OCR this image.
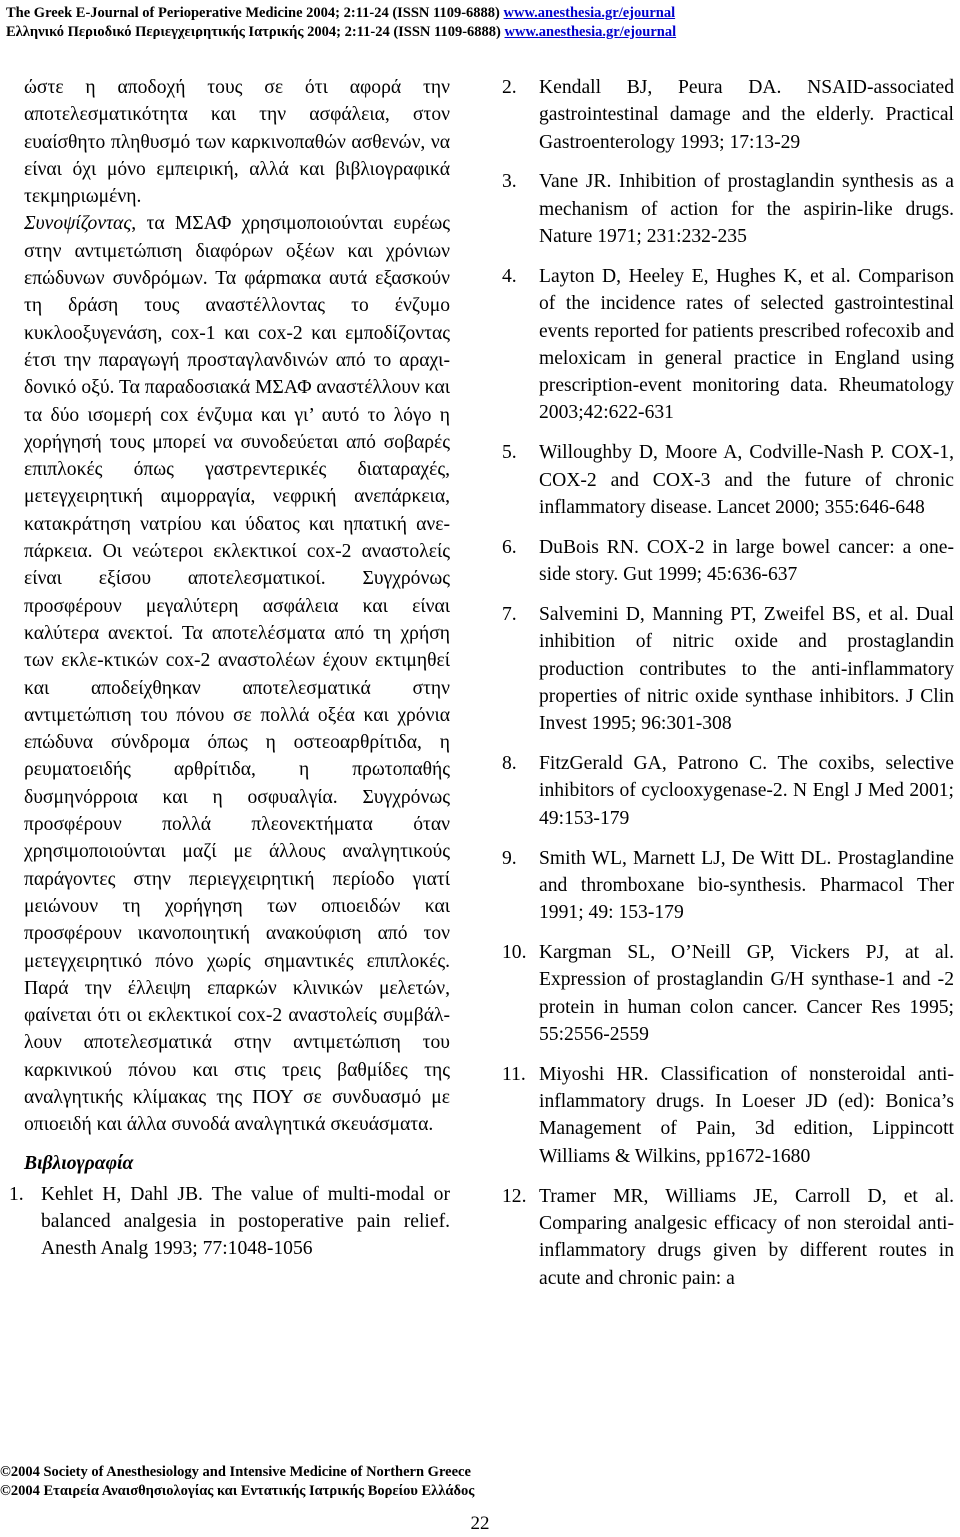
The Greek E-Journal of Perioperative Medicine 2004; 2:11-24 (ISSN 1109-6888) www.anesthesia.gr/ejournal
Ελληνικό Περιοδικό Περιεγχειρητικής Ιατρικής 2004; 2:11-24 (ISSN 1109-6888) www.anesthesia.gr/ejournal

ώστε η αποδοχή τους σε ότι αφορά την αποτελεσματικότητα και την ασφάλεια, στον ευαίσθητο πληθυσμό των καρκινοπαθών ασθενών, να είναι όχι μόνο εμπειρική, αλλά και βιβλιογραφικά τεκμηριωμένη.

Συνοψίζοντας, τα ΜΣΑΦ χρησιμοποιούνται ευρέως στην αντιμετώπιση διαφόρων οξέων και χρόνιων επώδυνων συνδρόμων. Τα φάρmακα αυτά εξασκούν τη δράση τους αναστέλλοντας το ένζυμο κυκλοοξυγενάση, cox-1 και cox-2 και εμποδίζοντας έτσι την παραγωγή προσταγλανδινών από το αραχιδονικό οξύ. Τα παραδοσιακά ΜΣΑΦ αναστέλλουν και τα δύο ισομερή cox ένζυμα και γι’ αυτό το λόγο η χορήγησή τους μπορεί να συνοδεύεται από σοβαρές επιπλοκές όπως γαστρεντερικές διαταραχές, μετεγχειρητική αιμορραγία, νεφρική ανεπάρκεια, κατακράτηση νατρίου και ύδατος και ηπατική ανεπάρκεια. Οι νεώτεροι εκλεκτικοί cox-2 αναστολείς είναι εξίσου αποτελεσματικοί. Συγχρόνως προσφέρουν μεγαλύτερη ασφάλεια και είναι καλύτερα ανεκτοί. Τα αποτελέσματα από τη χρήση των εκλε-κτικών cox-2 αναστολέων έχουν εκτιμηθεί και αποδείχθηκαν αποτελεσματικά στην αντιμετώπιση του πόνου σε πολλά οξέα και χρόνια επώδυνα σύνδρομα όπως η οστεοαρθρίτιδα, η ρευματοειδής αρθρίτιδα, η πρωτοπαθής δυσμηνόρροια και η οσφυαλγία. Συγχρόνως προσφέρουν πολλά πλεονεκτήματα όταν χρησιμοποιούνται μαζί με άλλους αναλγητικούς παράγοντες στην περιεγχειρητική περίοδο γιατί μειώνουν τη χορήγηση των οπιοειδών και προσφέρουν ικανοποιητική ανακούφιση από τον μετεγχειρητικό πόνο χωρίς σημαντικές επιπλοκές. Παρά την έλλειψη επαρκών κλινικών μελετών, φαίνεται ότι οι εκλεκτικοί cox-2 αναστολείς συμβάλλουν αποτελεσματικά στην αντιμετώπιση του καρκινικού πόνου και στις τρεις βαθμίδες της αναλγητικής κλίμακας της ΠΟΥ σε συνδυασμό με οπιοειδή και άλλα συνοδά αναλγητικά σκευάσματα.

Βιβλιογραφία

1. Kehlet H, Dahl JB. The value of multi-modal or balanced analgesia in postoperative pain relief. Anesth Analg 1993; 77:1048-1056
2.	Kendall BJ, Peura DA. NSAID-associated gastrointestinal damage and the elderly. Practical Gastroenterology 1993; 17:13-29
3.	Vane JR. Inhibition of prostaglandin synthesis as a mechanism of action for the aspirin-like drugs. Nature 1971; 231:232-235
4.	Layton D, Heeley E, Hughes K, et al. Comparison of the incidence rates of selected gastrointestinal events reported for patients prescribed rofecoxib and meloxicam in general practice in England using prescription-event monitoring data. Rheumatology 2003;42:622-631
5.	Willoughby D, Moore A, Codville-Nash P. COX-1, COX-2 and COX-3 and the future of chronic inflammatory disease. Lancet 2000; 355:646-648
6.	DuBois RN. COX-2 in large bowel cancer: a one-side story. Gut 1999; 45:636-637
7.	Salvemini D, Manning PT, Zweifel BS, et al. Dual inhibition of nitric oxide and prostaglandin production contributes to the anti-inflammatory properties of nitric oxide synthase inhibitors. J Clin Invest 1995; 96:301-308
8.	FitzGerald GA, Patrono C. The coxibs, selective inhibitors of cyclooxygenase-2. N Engl J Med 2001; 49:153-179
9.	Smith WL, Marnett LJ, De Witt DL. Prostaglandine and thromboxane bio-synthesis. Pharmacol Ther 1991; 49: 153-179
10. Kargman SL, O’Neill GP, Vickers PJ, at al. Expression of prostaglandin G/H synthase-1 and -2 protein in human colon cancer. Cancer Res 1995; 55:2556-2559
11. Miyoshi HR. Classification of nonsteroidal anti-inflammatory drugs. In Loeser JD (ed): Bonica’s Management of Pain, 3d edition, Lippincott Williams & Wilkins, pp1672-1680
12. Tramer MR, Williams JE, Carroll D, et al. Comparing analgesic efficacy of non steroidal anti-inflammatory drugs given by different routes in acute and chronic pain: a
©2004 Society of Anesthesiology and Intensive Medicine of Northern Greece
©2004 Εταιρεία Αναισθησιολογίας και Εντατικής Ιατρικής Βορείου Ελλάδος
22
